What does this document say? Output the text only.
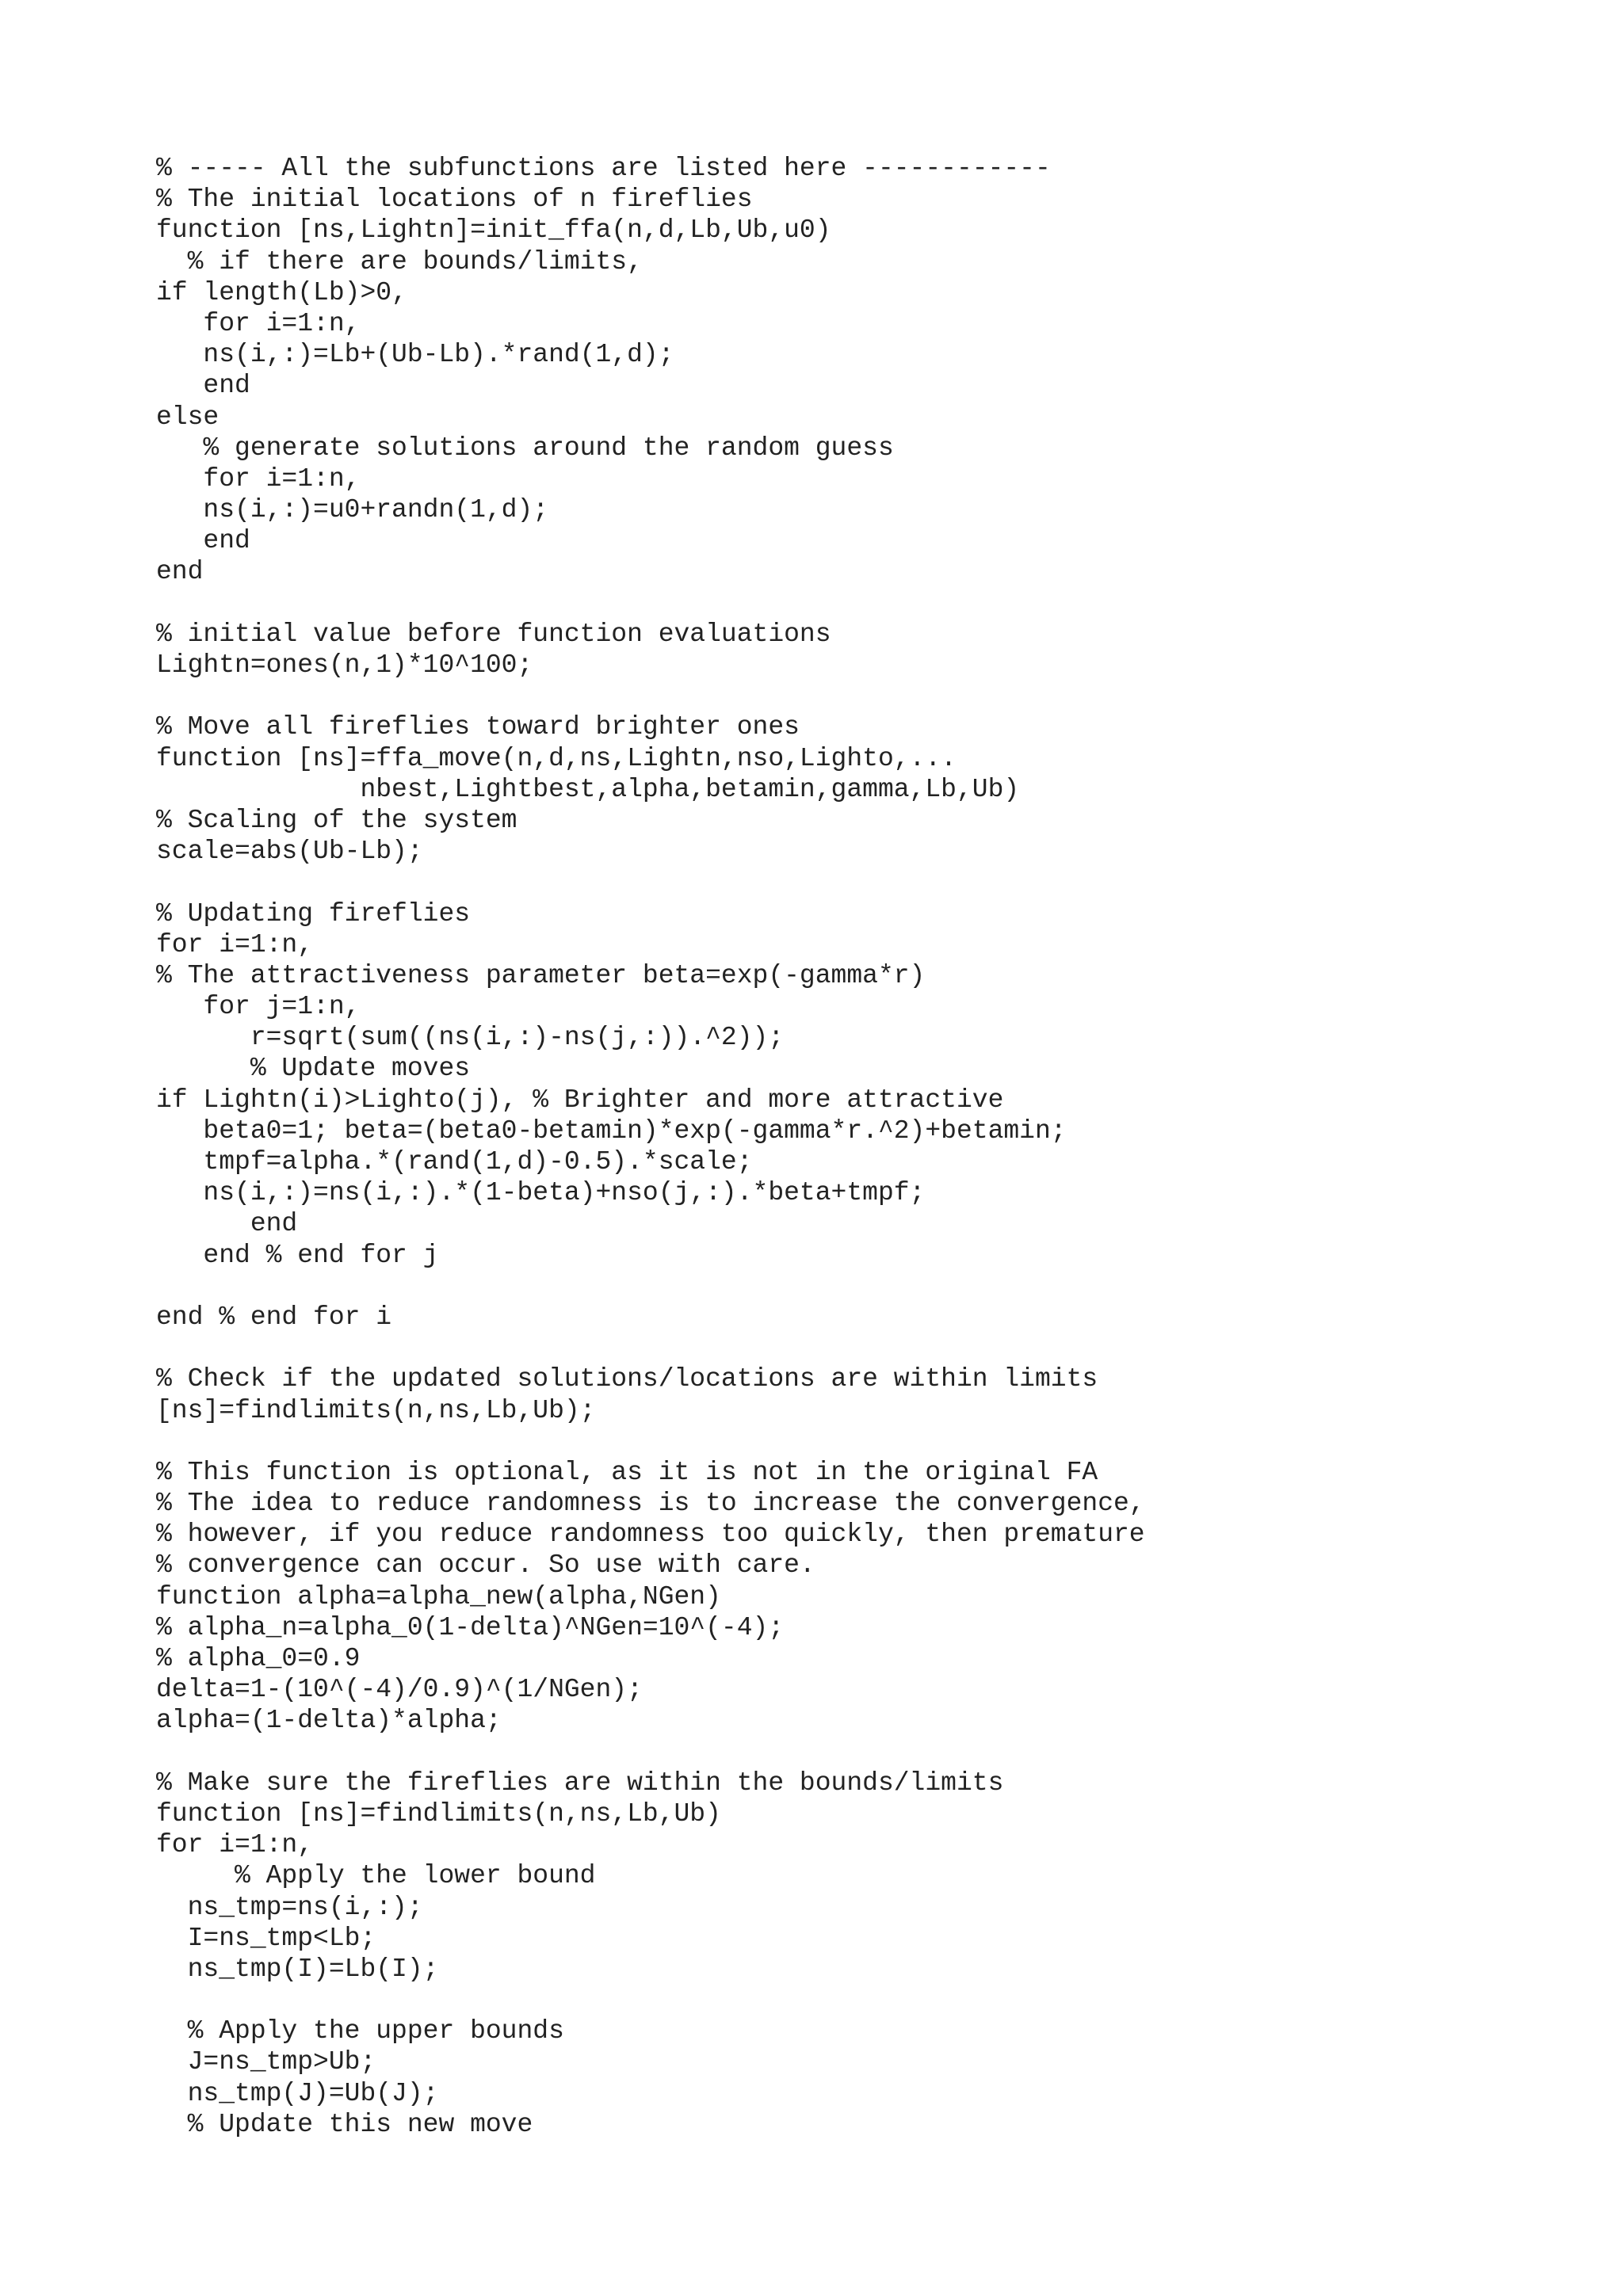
% ----- All the subfunctions are listed here ------------
% The initial locations of n fireflies
function [ns,Lightn]=init_ffa(n,d,Lb,Ub,u0)
% if there are bounds/limits,
if length(Lb)>0,
for i=1:n,
ns(i,:)=Lb+(Ub-Lb).*rand(1,d);
end
else
% generate solutions around the random guess
for i=1:n,
ns(i,:)=u0+randn(1,d);
end
end
% initial value before function evaluations
Lightn=ones(n,1)*10^100;
% Move all fireflies toward brighter ones
function [ns]=ffa_move(n,d,ns,Lightn,nso,Lighto,...
nbest,Lightbest,alpha,betamin,gamma,Lb,Ub)
% Scaling of the system
scale=abs(Ub-Lb);
% Updating fireflies
for i=1:n,
% The attractiveness parameter beta=exp(-gamma*r)
for j=1:n,
r=sqrt(sum((ns(i,:)-ns(j,:)).^2));
% Update moves
if Lightn(i)>Lighto(j), % Brighter and more attractive
beta0=1; beta=(beta0-betamin)*exp(-gamma*r.^2)+betamin;
tmpf=alpha.*(rand(1,d)-0.5).*scale;
ns(i,:)=ns(i,:).*(1-beta)+nso(j,:).*beta+tmpf;
end
end % end for j
end % end for i
% Check if the updated solutions/locations are within limits
[ns]=findlimits(n,ns,Lb,Ub);
% This function is optional, as it is not in the original FA
% The idea to reduce randomness is to increase the convergence,
% however, if you reduce randomness too quickly, then premature
% convergence can occur. So use with care.
function alpha=alpha_new(alpha,NGen)
% alpha_n=alpha_0(1-delta)^NGen=10^(-4);
% alpha_0=0.9
delta=1-(10^(-4)/0.9)^(1/NGen);
alpha=(1-delta)*alpha;
% Make sure the fireflies are within the bounds/limits
function [ns]=findlimits(n,ns,Lb,Ub)
for i=1:n,
% Apply the lower bound
ns_tmp=ns(i,:);
I=ns_tmp<Lb;
ns_tmp(I)=Lb(I);
% Apply the upper bounds
J=ns_tmp>Ub;
ns_tmp(J)=Ub(J);
% Update this new move
